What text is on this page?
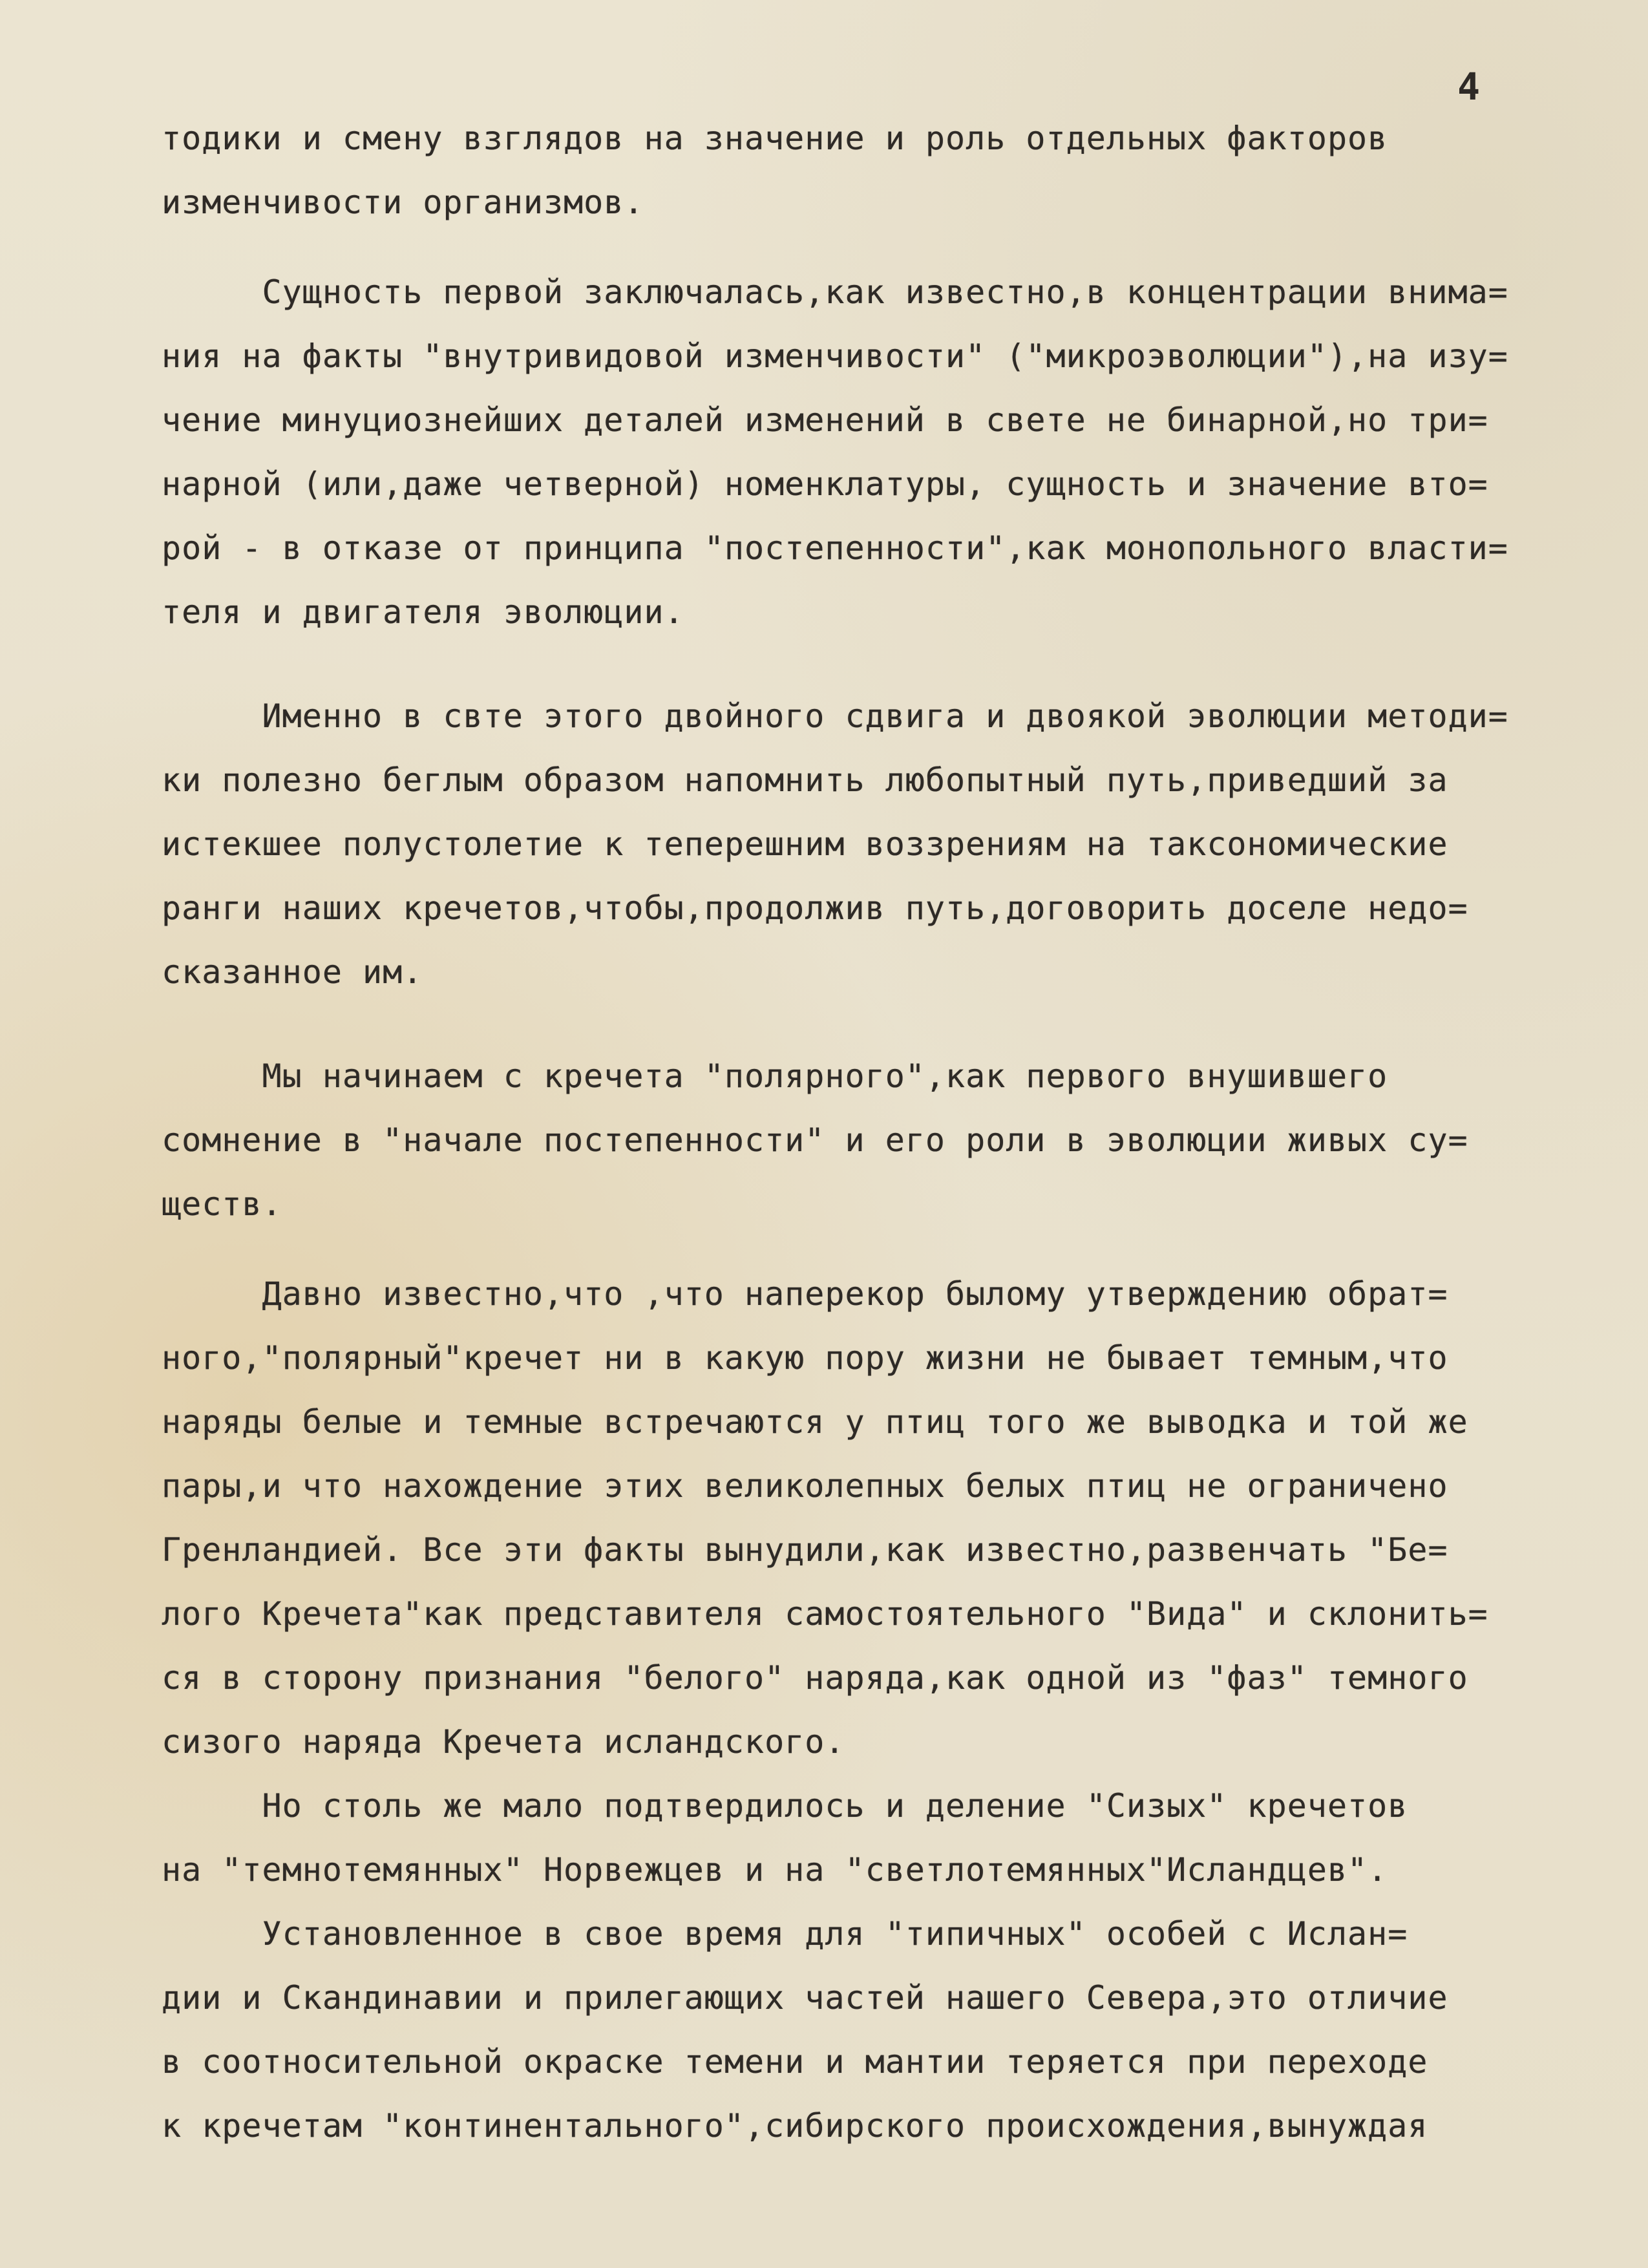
4
тодики и смену взглядов на значение и роль отдельных факторов
изменчивости организмов.
Сущность первой заключалась,как известно,в концентрации внима=
ния на факты "внутривидовой изменчивости" ("микроэволюции"),на изу=
чение минуциознейших деталей изменений в свете не бинарной,но три=
нарной (или,даже четверной) номенклатуры, сущность и значение вто=
рой - в отказе от принципа "постепенности",как монопольного власти=
теля и двигателя эволюции.
Именно в свте этого двойного сдвига и двоякой эволюции методи=
ки полезно беглым образом напомнить любопытный путь,приведший за
истекшее полустолетие к теперешним воззрениям на таксономические
ранги наших кречетов,чтобы,продолжив путь,договорить доселе недо=
сказанное им.
Мы начинаем с кречета "полярного",как первого внушившего
сомнение в "начале постепенности" и его роли в эволюции живых су=
ществ.
Давно известно,что ,что наперекор былому утверждению обрат=
ного,"полярный"кречет ни в какую пору жизни не бывает темным,что
наряды белые и темные встречаются у птиц того же выводка и той же
пары,и что нахождение этих великолепных белых птиц не ограничено
Гренландией. Все эти факты вынудили,как известно,развенчать "Бе=
лого Кречета"как представителя самостоятельного "Вида" и склонить=
ся в сторону признания "белого" наряда,как одной из "фаз" темного
сизого наряда Кречета исландского.
Но столь же мало подтвердилось и деление "Сизых" кречетов
на "темнотемянных" Норвежцев и на "светлотемянных"Исландцев".
Установленное в свое время для "типичных" особей с Ислан=
дии и Скандинавии и прилегающих частей нашего Севера,это отличие
в соотносительной окраске темени и мантии теряется при переходе
к кречетам "континентального",сибирского происхождения,вынуждая
